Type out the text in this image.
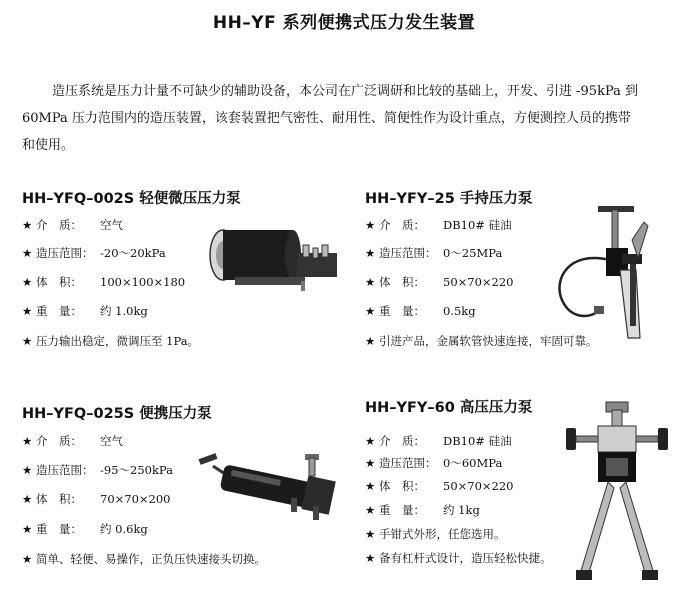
HH–YF 系列便携式压力发生装置

造压系统是压力计量不可缺少的辅助设备，本公司在广泛调研和比较的基础上，开发、引进 -95kPa 到

60MPa 压力范围内的造压装置，该套装置把气密性、耐用性、简便性作为设计重点，方便测控人员的携带

和使用。

HH–YFQ–002S 轻便微压压力泵
★ 介　质： 空气
★ 造压范围： -20～20kPa
★ 体　积： 100×100×180
★ 重　量： 约 1.0kg
★ 压力输出稳定，微调压至 1Pa。
HH–YFY–25 手持压力泵
★ 介　质： DB10# 硅油
★ 造压范围： 0～25MPa
★ 体　积： 50×70×220
★ 重　量： 0.5kg
★ 引进产品，金属软管快速连接，牢固可靠。
HH–YFQ–025S 便携压力泵
★ 介　质： 空气
★ 造压范围： -95～250kPa
★ 体　积： 70×70×200
★ 重　量： 约 0.6kg
★ 简单、轻便、易操作，正负压快速接头切换。
HH–YFY–60 高压压力泵
★ 介　质： DB10# 硅油
★ 造压范围： 0～60MPa
★ 体　积： 50×70×220
★ 重　量： 约 1kg
★ 手钳式外形，任您选用。
★ 备有杠杆式设计，造压轻松快捷。
